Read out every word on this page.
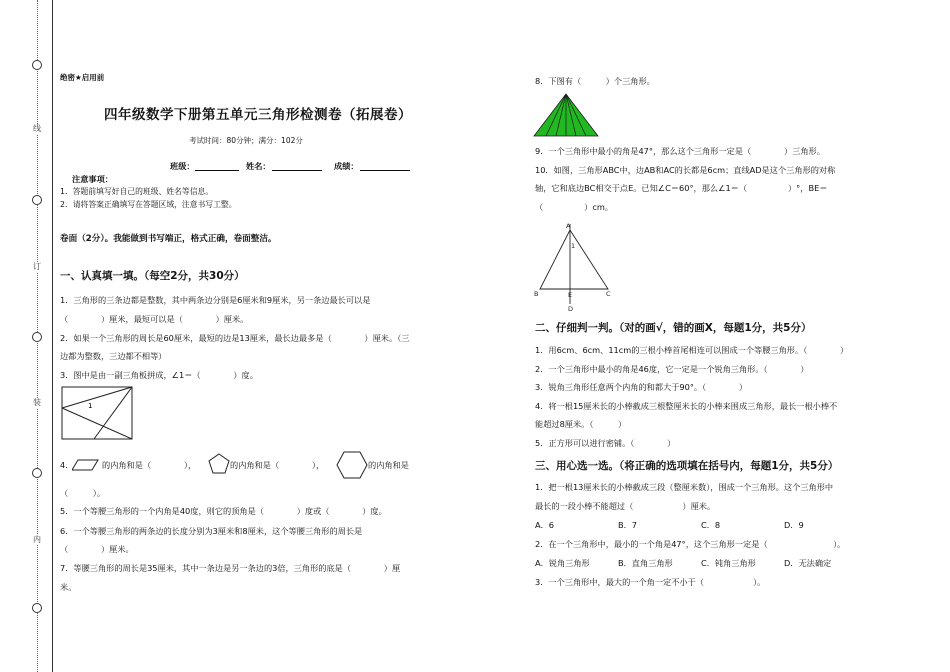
线
订
装
内
绝密★启用前
四年级数学下册第五单元三角形检测卷（拓展卷）
考试时间：80分钟；满分：102分
班级：	姓名：	成绩：
注意事项：
1．答题前填写好自己的班级、姓名等信息。
2．请将答案正确填写在答题区域，注意书写工整。
卷面（2分）。我能做到书写端正，格式正确，卷面整洁。
一、认真填一填。（每空2分，共30分）
1．三角形的三条边都是整数，其中两条边分别是6厘米和9厘米，另一条边最长可以是
（　　　　）厘米，最短可以是（　　　　）厘米。
2．如果一个三角形的周长是60厘米，最短的边是13厘米，最长边最多是（　　　　）厘米。（三
边都为整数，三边都不相等）
3．图中是由一副三角板拼成，∠1＝（　　　　）度。
1
4．	的内角和是（　　　　），	的内角和是（　　　　），	的内角和是
（　　　）。
5．一个等腰三角形的一个内角是40度，则它的顶角是（　　　　）度或（　　　　）度。
6．一个等腰三角形的两条边的长度分别为3厘米和8厘米，这个等腰三角形的周长是
（　　　　）厘米。
7．等腰三角形的周长是35厘米，其中一条边是另一条边的3倍，三角形的底是（　　　　）厘
米。
8．下图有（　　　）个三角形。
9．一个三角形中最小的角是47°，那么这个三角形一定是（　　　　）三角形。
10．如图，三角形ABC中，边AB和AC的长都是6cm；直线AD是这个三角形的对称
轴，它和底边BC相交于点E。已知∠C＝60°，那么∠1＝（　　　　　）°，BE＝
（　　　　　）cm。
A
1
B	E	C
D
二、仔细判一判。（对的画√，错的画X，每题1分，共5分）
1．用6cm、6cm、11cm的三根小棒首尾相连可以围成一个等腰三角形。（　　　　）
2．一个三角形中最小的角是46度，它一定是一个锐角三角形。（　　　　）
3．锐角三角形任意两个内角的和都大于90°。（　　　　）
4．将一根15厘米长的小棒截成三根整厘米长的小棒来围成三角形，最长一根小棒不
能超过8厘米。（　　　）
5．正方形可以进行密铺。（　　　　）
三、用心选一选。（将正确的选项填在括号内，每题1分，共5分）
1．把一根13厘米长的小棒截成三段（整厘米数），围成一个三角形。这个三角形中
最长的一段小棒不能超过（　　　　　　）厘米。
A．6	B．7	C．8	D．9
2．在一个三角形中，最小的一个角是47°，这个三角形一定是（　　　　　　　　）。
A．锐角三角形	B．直角三角形	C．钝角三角形	D．无法确定
3．一个三角形中，最大的一个角一定不小于（　　　　　　）。
